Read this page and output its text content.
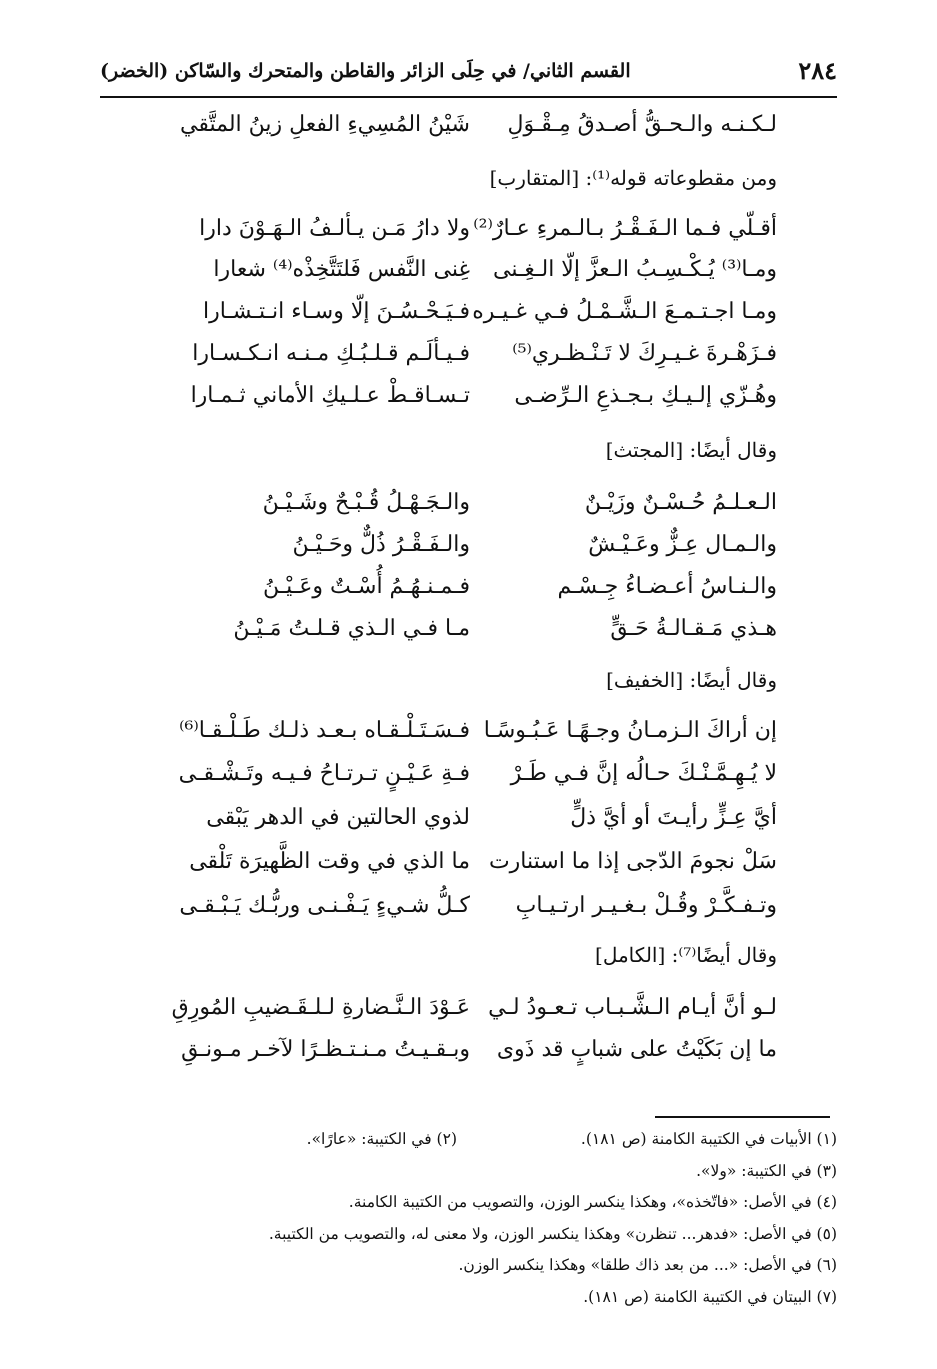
٢٨٤
القسم الثاني/ في حِلَى الزائر والقاطن والمتحرك والسّاكن (الخضر)
لـكـنـه والـحـقُّ أصـدقُ مِـقْـوَلِ
شَيْنُ المُسِيءِ الفعلِ زينُ المتَّقي
ومن مقطوعاته قوله⁽¹⁾: [المتقارب]
أقـلّي فـما الـفَـقْـرُ بـالـمرءِ عـارٌ⁽²⁾
ولا دارُ مَـن يـألـفُ الـهَـوْنَ دارا
ومـا⁽³⁾ يُـكْـسِـبُ الـعزَّ إلّا الـغِـنى
غِنى النَّفس فَلتَتَّخِذْه⁽⁴⁾ شعارا
ومـا اجـتـمـعَ الـشَّـمْـلُ فـي غـيـره
فـيَـحْـسُـنَ إلّا وسـاء انـتـشـارا
فـزَهْـرةَ غـيـرِكَ لا تَـنْـظـري⁽⁵⁾
فـيـألَـم قـلـبُـكِ مـنـه انـكـسـارا
وهُـزّي إلـيـكِ بـجـذعِ الـرِّضـى
تـسـاقـطْ عـلـيكِ الأماني ثـمـارا
وقال أيضًا: [المجتث]
الـعـلـمُ حُـسْـنٌ وزَيْـنٌ
والـجَـهْـلُ قُـبْـحٌ وشَـيْـنُ
والـمـال عِـزٌّ وعَـيْـشٌ
والـفَـقْـرُ ذُلٌّ وحَـيْـنُ
والـنـاسُ أعـضـاءُ جِـسْـم
فـمـنـهُـمُ أُسْـتٌ وعَـيْـنُ
هـذي مَـقـالـةُ حَـقٍّ
مـا فـي الـذي قـلـتُ مَـيْـنُ
وقال أيضًا: [الخفيف]
إن أراكَ الـزمـانُ وجـهًـا عَـبُـوسًـا
فـسَـتَـلْـقـاه بـعـد ذلـك طَـلْـقـا⁽⁶⁾
لا يُـهِـمَّـنْـكَ حـالُه إنَّ فـي طَـرْ
فـةِ عَـيْـنٍ تـرتـاحُ فـيـه وتَـشْـقـى
أيَّ عِـزٍّ رأيـتَ أو أيَّ ذلٍّ
لذوي الحالتين في الدهر يَبْقى
سَلْ نجومَ الدّجى إذا ما استنارت
ما الذي في وقت الظَّهيرَة تَلْقى
وتـفـكَّـرْ وقُـلْ بـغـيـر ارتـيـابِ
كـلُّ شـيءٍ يَـفْـنـى وربُّـك يَـبْـقـى
وقال أيضًا⁽⁷⁾: [الكامل]
لـو أنَّ أيـام الـشَّـبـاب تـعـودُ لـي
عَـوْدَ الـنَّـضارةِ لـلـقَـضيبِ المُورِقِ
ما إن بَكَيْتُ على شبابٍ قد ذَوى
وبـقـيـتُ مـنـتـظـرًا لآخـر مـونـقِ
(١) الأبيات في الكتيبة الكامنة (ص ١٨١).
(٢) في الكتيبة: «عارًا».
(٣) في الكتيبة: «ولا».
(٤) في الأصل: «فاتّخذه»، وهكذا ينكسر الوزن، والتصويب من الكتيبة الكامنة.
(٥) في الأصل: «فدهر... تنظرن» وهكذا ينكسر الوزن، ولا معنى له، والتصويب من الكتيبة.
(٦) في الأصل: «... من بعد ذاك طلقا» وهكذا ينكسر الوزن.
(٧) البيتان في الكتيبة الكامنة (ص ١٨١).
